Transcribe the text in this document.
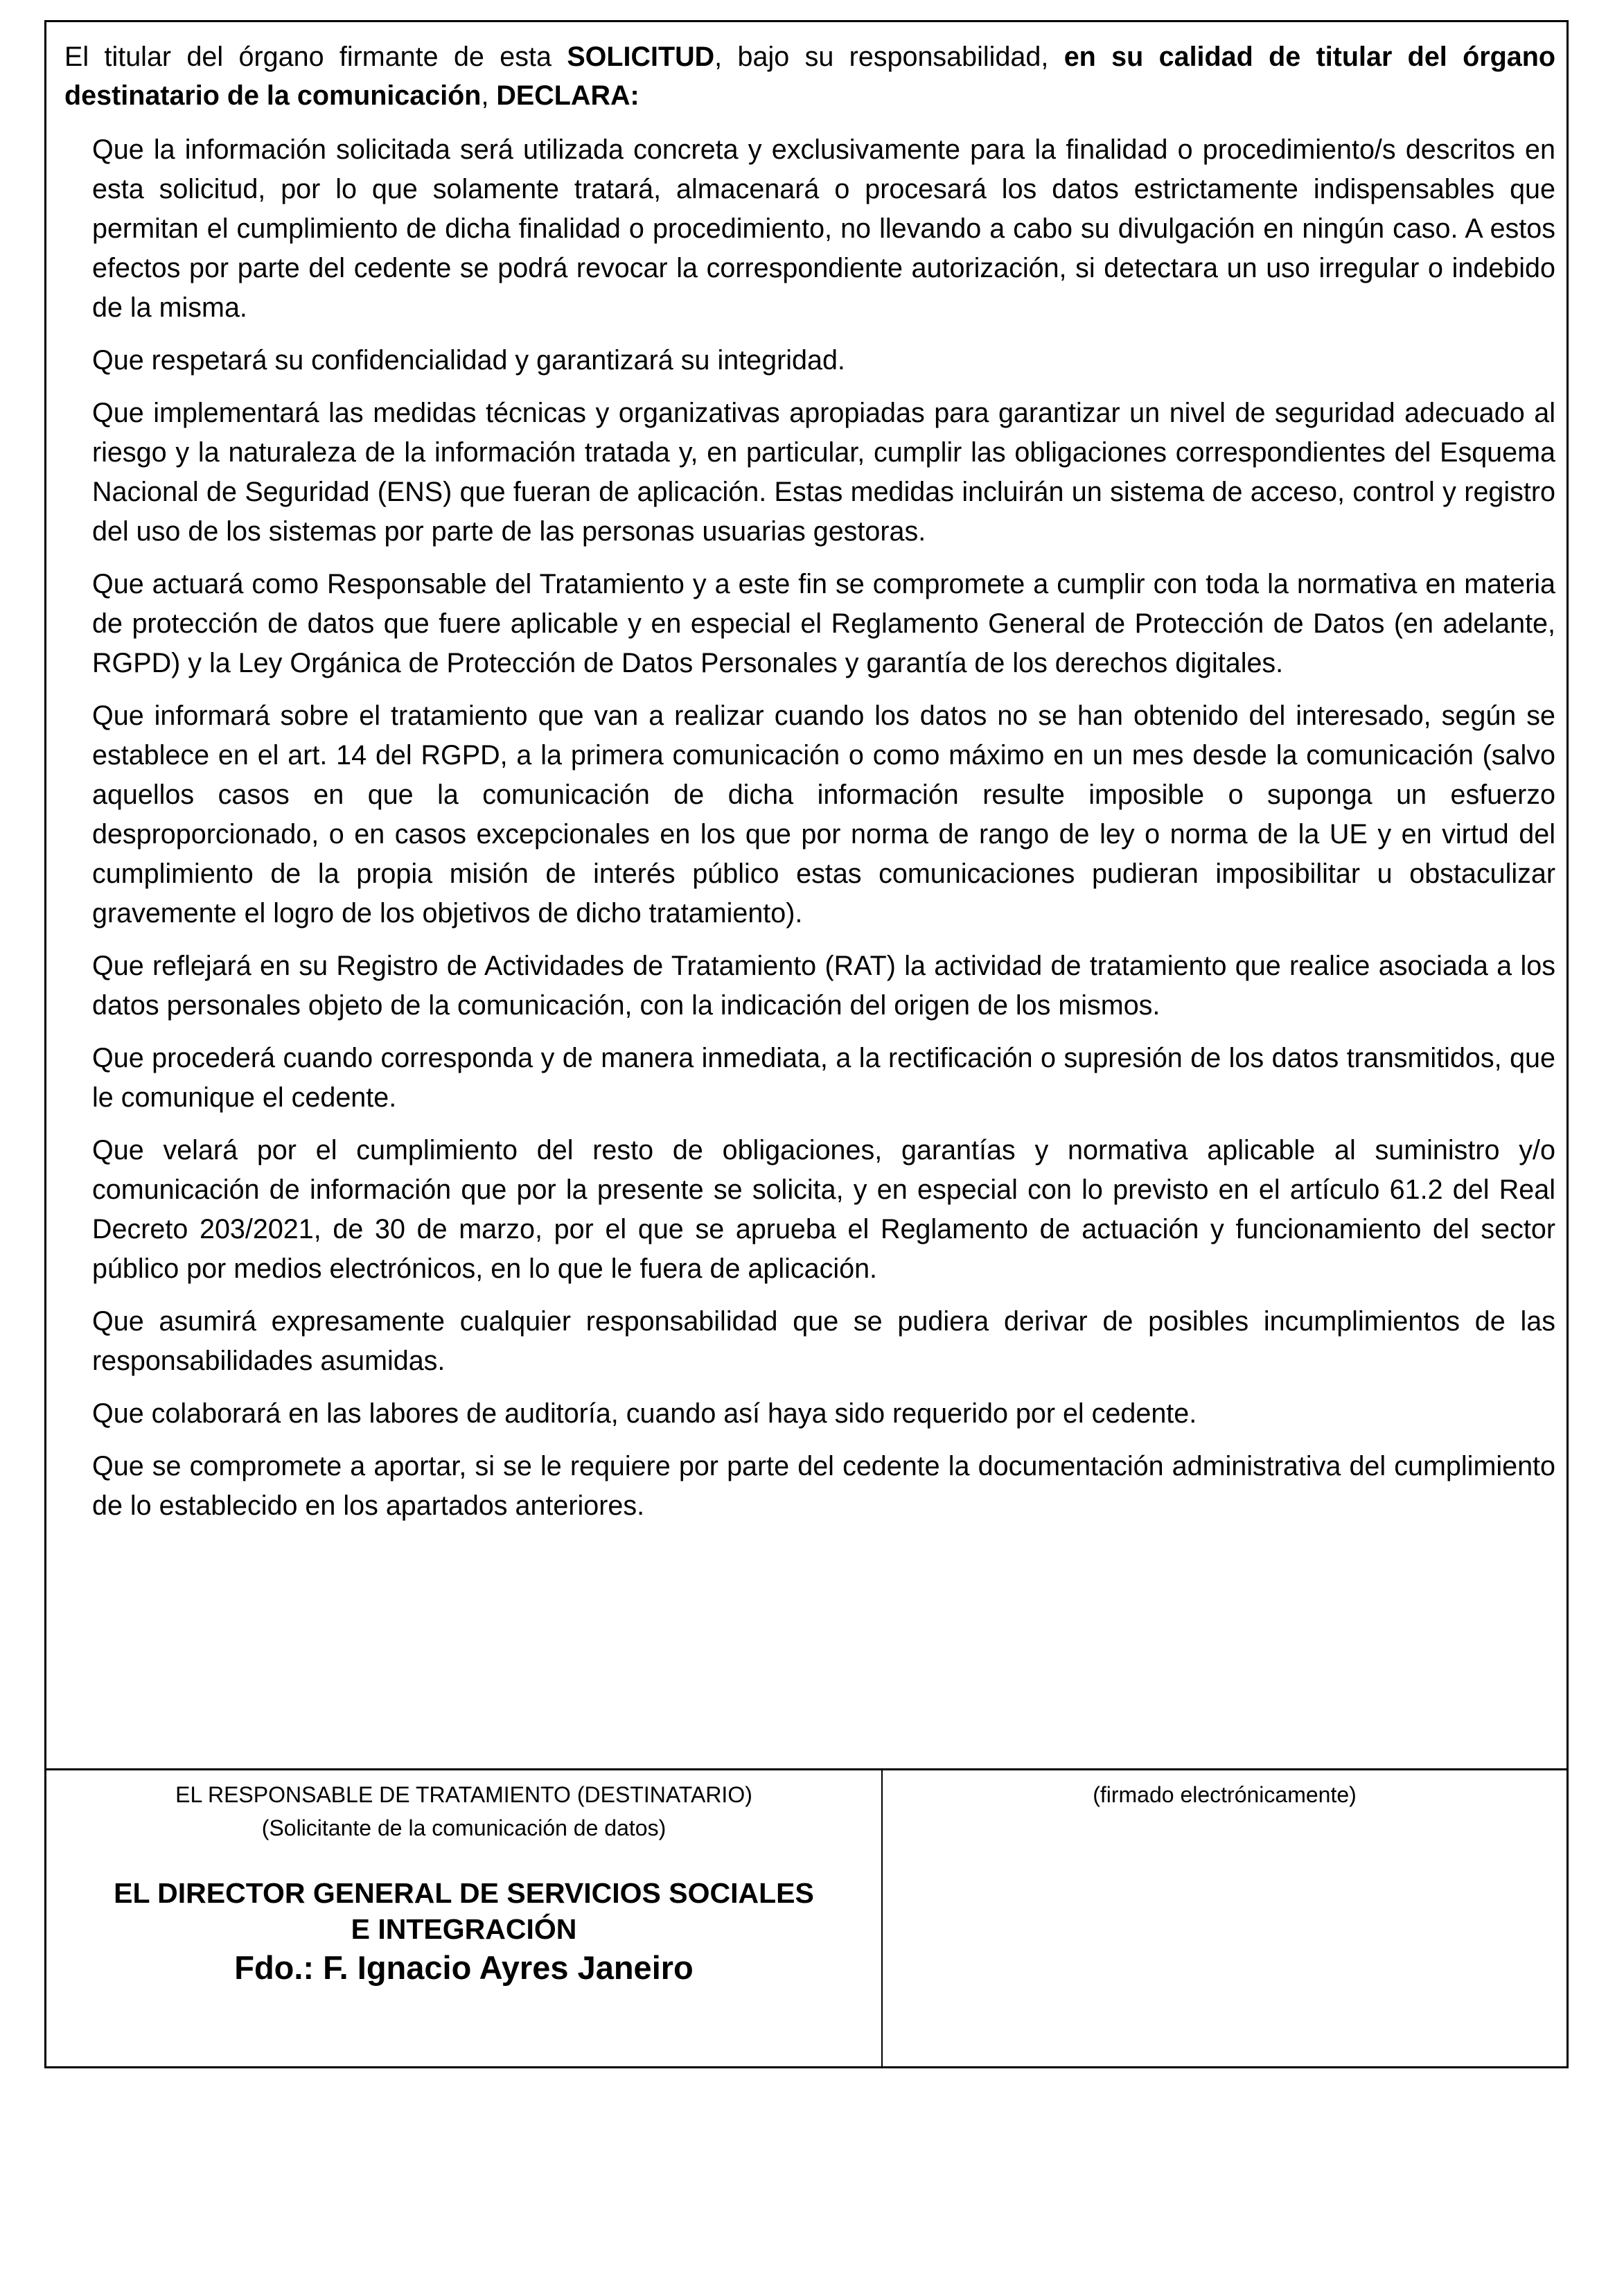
El titular del órgano firmante de esta SOLICITUD, bajo su responsabilidad, en su calidad de titular del órgano destinatario de la comunicación, DECLARA:

Que la información solicitada será utilizada concreta y exclusivamente para la finalidad o procedimiento/s descritos en esta solicitud, por lo que solamente tratará, almacenará o procesará los datos estrictamente indispensables que permitan el cumplimiento de dicha finalidad o procedimiento, no llevando a cabo su divulgación en ningún caso. A estos efectos por parte del cedente se podrá revocar la correspondiente autorización, si detectara un uso irregular o indebido de la misma.

Que respetará su confidencialidad y garantizará su integridad.

Que implementará las medidas técnicas y organizativas apropiadas para garantizar un nivel de seguridad adecuado al riesgo y la naturaleza de la información tratada y, en particular, cumplir las obligaciones correspondientes del Esquema Nacional de Seguridad (ENS) que fueran de aplicación. Estas medidas incluirán un sistema de acceso, control y registro del uso de los sistemas por parte de las personas usuarias gestoras.

Que actuará como Responsable del Tratamiento y a este fin se compromete a cumplir con toda la normativa en materia de protección de datos que fuere aplicable y en especial el Reglamento General de Protección de Datos (en adelante, RGPD) y la Ley Orgánica de Protección de Datos Personales y garantía de los derechos digitales.

Que informará sobre el tratamiento que van a realizar cuando los datos no se han obtenido del interesado, según se establece en el art. 14 del RGPD, a la primera comunicación o como máximo en un mes desde la comunicación (salvo aquellos casos en que la comunicación de dicha información resulte imposible o suponga un esfuerzo desproporcionado, o en casos excepcionales en los que por norma de rango de ley o norma de la UE y en virtud del cumplimiento de la propia misión de interés público estas comunicaciones pudieran imposibilitar u obstaculizar gravemente el logro de los objetivos de dicho tratamiento).

Que reflejará en su Registro de Actividades de Tratamiento (RAT) la actividad de tratamiento que realice asociada a los datos personales objeto de la comunicación, con la indicación del origen de los mismos.

Que procederá cuando corresponda y de manera inmediata, a la rectificación o supresión de los datos transmitidos, que le comunique el cedente.

Que velará por el cumplimiento del resto de obligaciones, garantías y normativa aplicable al suministro y/o comunicación de información que por la presente se solicita, y en especial con lo previsto en el artículo 61.2 del Real Decreto 203/2021, de 30 de marzo, por el que se aprueba el Reglamento de actuación y funcionamiento del sector público por medios electrónicos, en lo que le fuera de aplicación.

Que asumirá expresamente cualquier responsabilidad que se pudiera derivar de posibles incumplimientos de las responsabilidades asumidas.

Que colaborará en las labores de auditoría, cuando así haya sido requerido por el cedente.

Que se compromete a aportar, si se le requiere por parte del cedente la documentación administrativa del cumplimiento de lo establecido en los apartados anteriores.

EL RESPONSABLE DE TRATAMIENTO (DESTINATARIO)
(Solicitante de la comunicación de datos)
EL DIRECTOR GENERAL DE SERVICIOS SOCIALES
E INTEGRACIÓN
Fdo.: F. Ignacio Ayres Janeiro
(firmado electrónicamente)
